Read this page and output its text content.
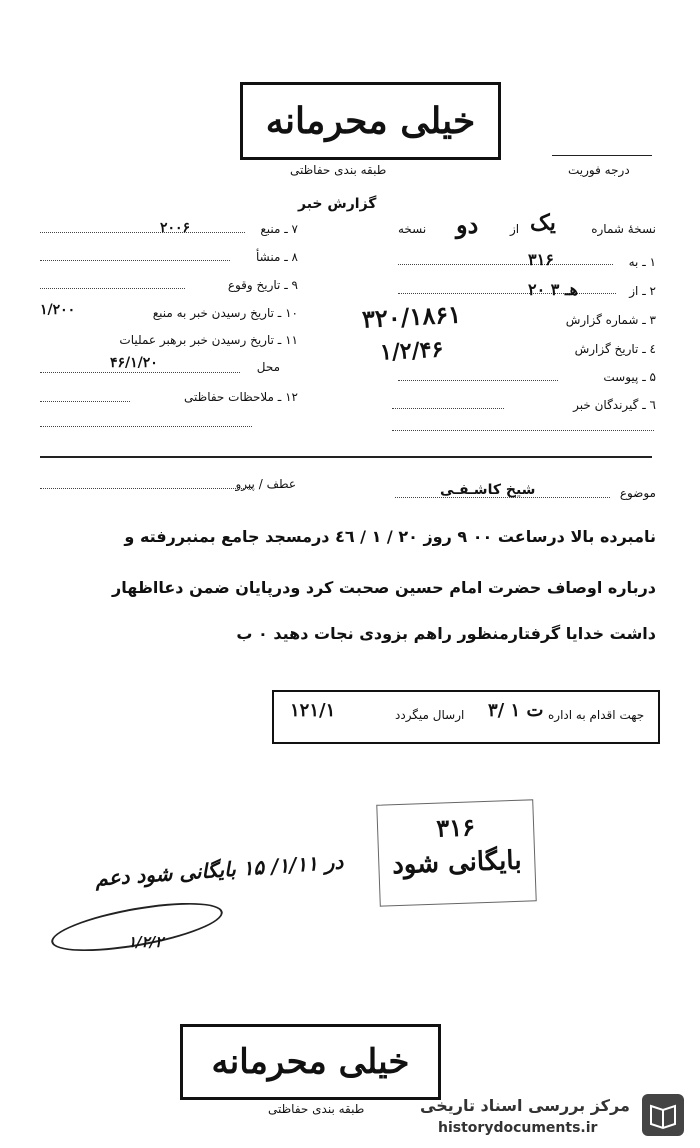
خیلی محرمانه
طبقه بندی حفاظتی	درجه فوریت
گزارش خبر
نسخهٔ شماره
یک
از
دو
نسخه
۱ ـ به
۳۱۶
۲ ـ از
۲۰ هـ ۳
۳ ـ شماره گزارش
۳۲۰/۱۸۶۱
٤ ـ تاریخ گزارش
۱/۲/۴۶
۵ ـ پیوست
٦ ـ گیرندگان خبر
۷ ـ منبع
۲۰۰۶
۸ ـ منشأ
۹ ـ تاریخ وقوع
۱۰ ـ تاریخ رسیدن خبر به منبع
۱/۲۰۰
۱۱ ـ تاریخ رسیدن خبر برهبر عملیات
محل
۴۶/۱/۲۰
۱۲ ـ ملاحظات حفاظتی
عطف / پیرو
موضوع
شیخ کاشـفـی
نامبرده بالا درساعت ۰۰ ۹ روز ۲۰ / ۱ / ٤٦ درمسجد جامع بمنبررفته و
درباره اوصاف حضرت امام حسین صحبت کرد ودرپایان ضمن دعااظهار
داشت خدایا گرفتارمنظور راهم بزودی نجات دهید ۰ ب
جهت اقدام به اداره
۳/ ۱ ت
ارسال میگردد
۱۲۱/۱
۳۱۶
بایگانی شود
در ۱/۱۱/ ۱۵ بایگانی شود دعم
۱/۲/۲
خیلی محرمانه
طبقه بندی حفاظتی	مرکز بررسی اسناد تاریخی
historydocuments.ir
